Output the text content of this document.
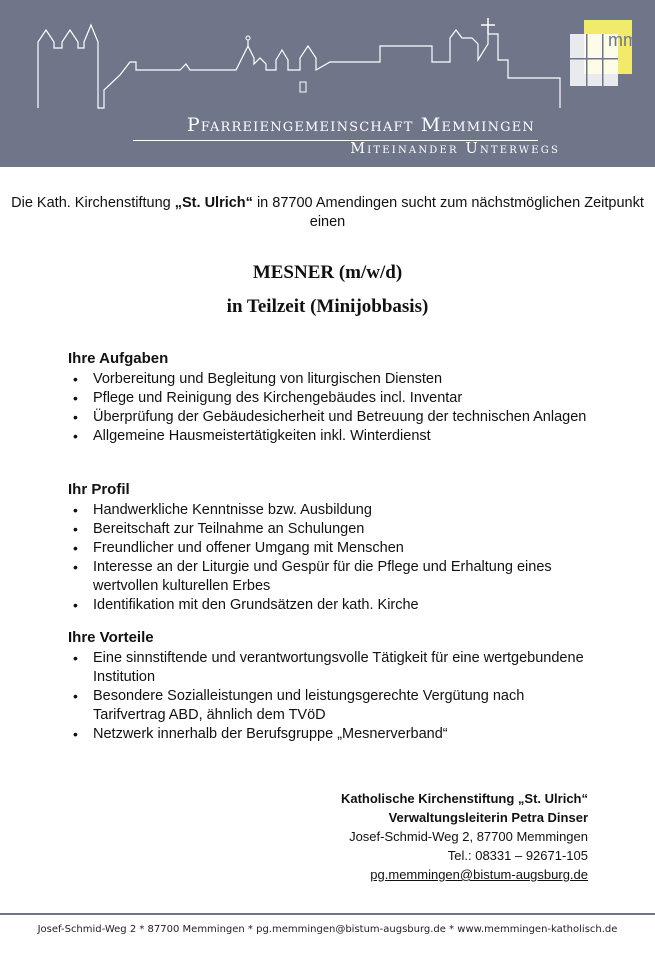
mm
Pfarreiengemeinschaft Memmingen
Miteinander Unterwegs
Die Kath. Kirchenstiftung „St. Ulrich“ in 87700 Amendingen sucht zum nächstmöglichen Zeitpunkt einen
MESNER (m/w/d)
in Teilzeit (Minijobbasis)
Ihre Aufgaben
• Vorbereitung und Begleitung von liturgischen Diensten
• Pflege und Reinigung des Kirchengebäudes incl. Inventar
• Überprüfung der Gebäudesicherheit und Betreuung der technischen Anlagen
• Allgemeine Hausmeistertätigkeiten inkl. Winterdienst
Ihr Profil
• Handwerkliche Kenntnisse bzw. Ausbildung
• Bereitschaft zur Teilnahme an Schulungen
• Freundlicher und offener Umgang mit Menschen
• Interesse an der Liturgie und Gespür für die Pflege und Erhaltung eines wertvollen kulturellen Erbes
• Identifikation mit den Grundsätzen der kath. Kirche
Ihre Vorteile
• Eine sinnstiftende und verantwortungsvolle Tätigkeit für eine wertgebundene Institution
• Besondere Sozialleistungen und leistungsgerechte Vergütung nach Tarifvertrag ABD, ähnlich dem TVöD
• Netzwerk innerhalb der Berufsgruppe „Mesnerverband“
Katholische Kirchenstiftung „St. Ulrich“
Verwaltungsleiterin Petra Dinser
Josef-Schmid-Weg 2, 87700 Memmingen
Tel.: 08331 – 92671-105
pg.memmingen@bistum-augsburg.de
Josef-Schmid-Weg 2 * 87700 Memmingen * pg.memmingen@bistum-augsburg.de * www.memmingen-katholisch.de
